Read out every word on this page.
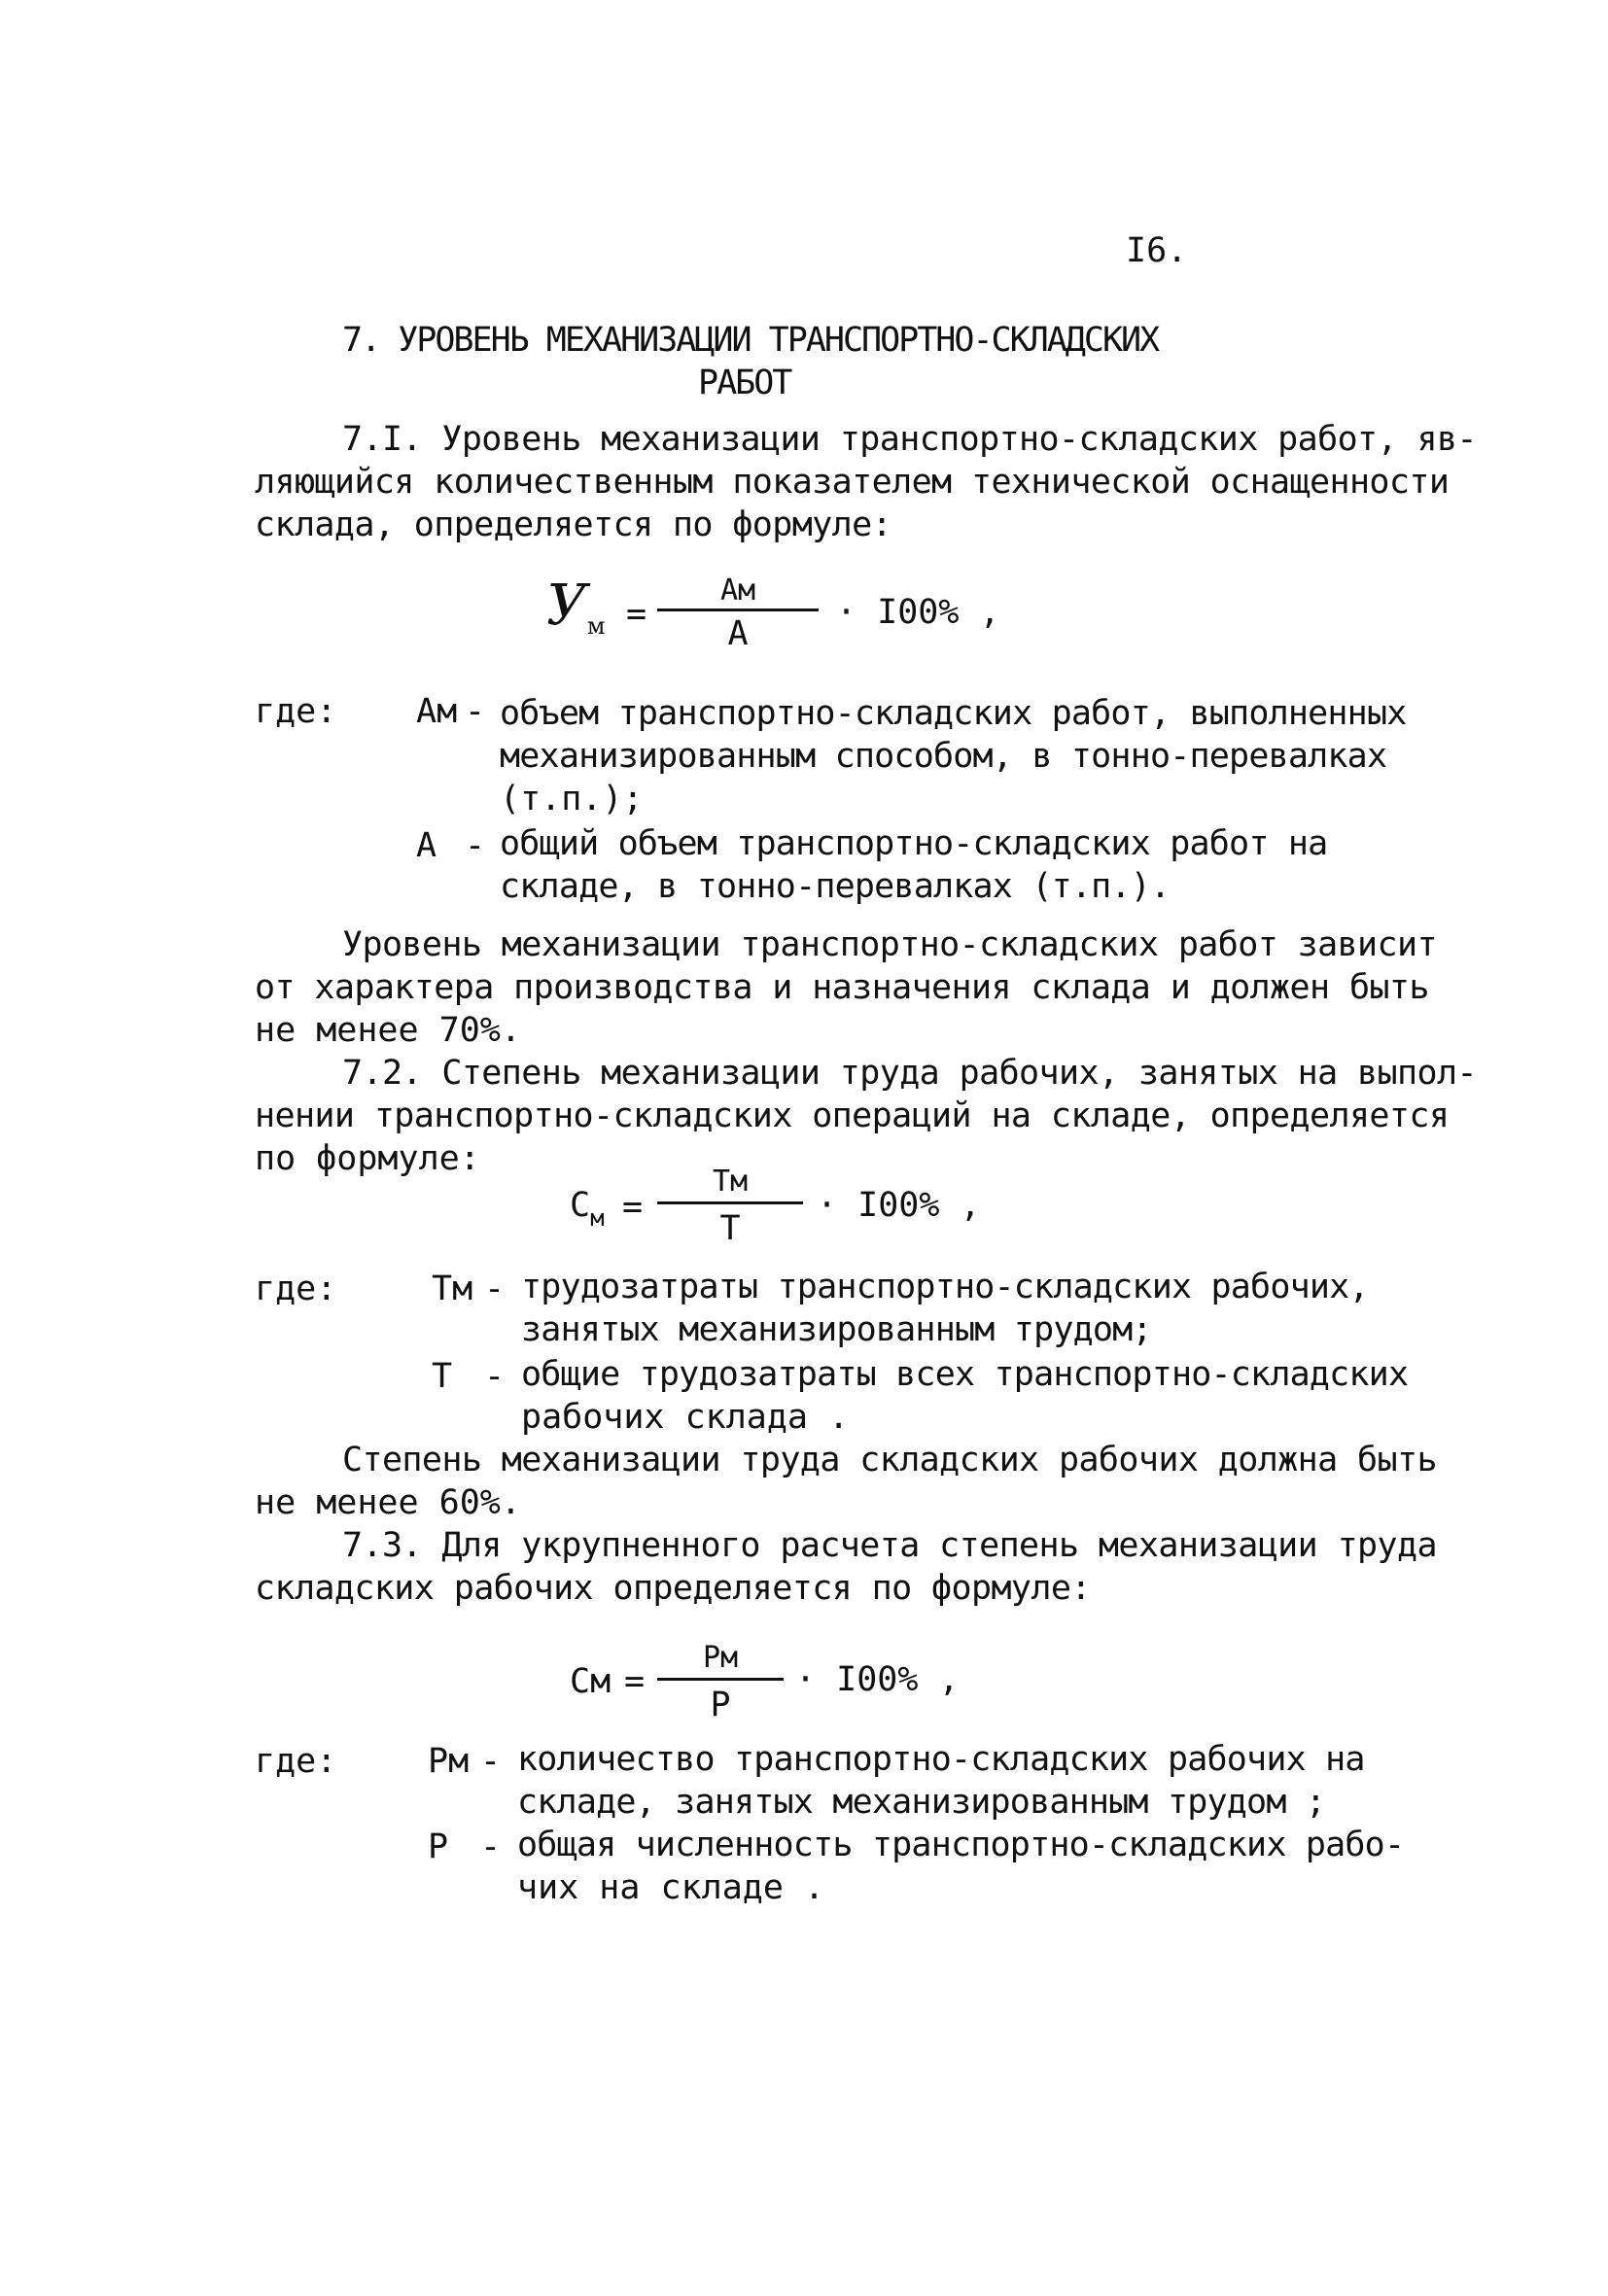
I6.
7. УРОВЕНЬ МЕХАНИЗАЦИИ ТРАНСПОРТНО-СКЛАДСКИХ
РАБОТ
7.I. Уровень механизации транспортно-складских работ, яв-
ляющийся количественным показателем технической оснащенности
склада, определяется по формуле:
Ум =
Ам
А
· I00% ,
где: Ам - объем транспортно-складских работ, выполненных
механизированным способом, в тонно-перевалках
(т.п.);
А - общий объем транспортно-складских работ на
складе, в тонно-перевалках (т.п.).
Уровень механизации транспортно-складских работ зависит
от характера производства и назначения склада и должен быть
не менее 70%.
7.2. Степень механизации труда рабочих, занятых на выпол-
нении транспортно-складских операций на складе, определяется
по формуле:
$С_м$ =
Тм
Т
· I00% ,
где:	Тм - трудозатраты транспортно-складских рабочих,
занятых механизированным трудом;
Т - общие трудозатраты всех транспортно-складских
рабочих склада .
Степень механизации труда складских рабочих должна быть
не менее 60%.
7.3. Для укрупненного расчета степень механизации труда
складских рабочих определяется по формуле:
См =
Рм
Р
· I00% ,
где:	Рм - количество транспортно-складских рабочих на
складе, занятых механизированным трудом ;
Р - общая численность транспортно-складских рабо-
чих на складе .
